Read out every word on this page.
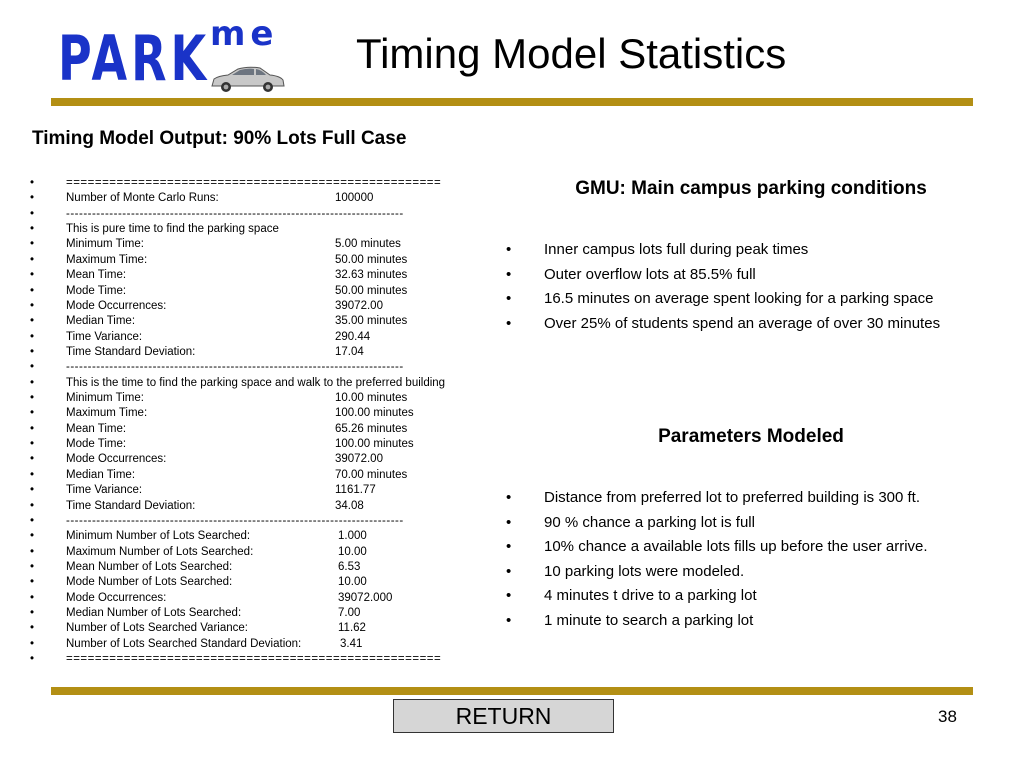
PARK me Timing Model Statistics
Timing Model Output: 90% Lots Full Case
•	====================================================
•	Number of Monte Carlo Runs:	100000
•	------------------------------------------------------------------------------
•	This is pure time to find the parking space
•	Minimum Time:	5.00 minutes
•	Maximum Time:	50.00 minutes
•	Mean Time:	32.63 minutes
•	Mode Time:	50.00 minutes
•	Mode Occurrences:	39072.00
•	Median Time:	35.00 minutes
•	Time Variance:	290.44
•	Time Standard Deviation:	17.04
•	------------------------------------------------------------------------------
•	This is the time to find the parking space and walk to the preferred building
•	Minimum Time:	10.00 minutes
•	Maximum Time:	100.00 minutes
•	Mean Time:	65.26 minutes
•	Mode Time:	100.00 minutes
•	Mode Occurrences:	39072.00
•	Median Time:	70.00 minutes
•	Time Variance:	1161.77
•	Time Standard Deviation:	34.08
•	------------------------------------------------------------------------------
•	Minimum Number of Lots Searched:	1.000
•	Maximum Number of Lots Searched:	10.00
•	Mean Number of Lots Searched:	6.53
•	Mode Number of Lots Searched:	10.00
•	Mode Occurrences:	39072.000
•	Median Number of Lots Searched:	7.00
•	Number of Lots Searched Variance:	11.62
•	Number of Lots Searched Standard Deviation:	3.41
•	====================================================
GMU: Main campus parking conditions
• Inner campus lots full during peak times
• Outer overflow lots at 85.5% full
• 16.5 minutes on average spent looking for a parking space
• Over 25% of students spend an average of over 30 minutes
Parameters Modeled
• Distance from preferred lot to preferred building is 300 ft.
• 90 % chance a parking lot is full
• 10% chance a available lots fills up before the user arrive.
• 10 parking lots were modeled.
• 4 minutes t drive to a parking lot
• 1 minute to search a parking lot
RETURN	38
